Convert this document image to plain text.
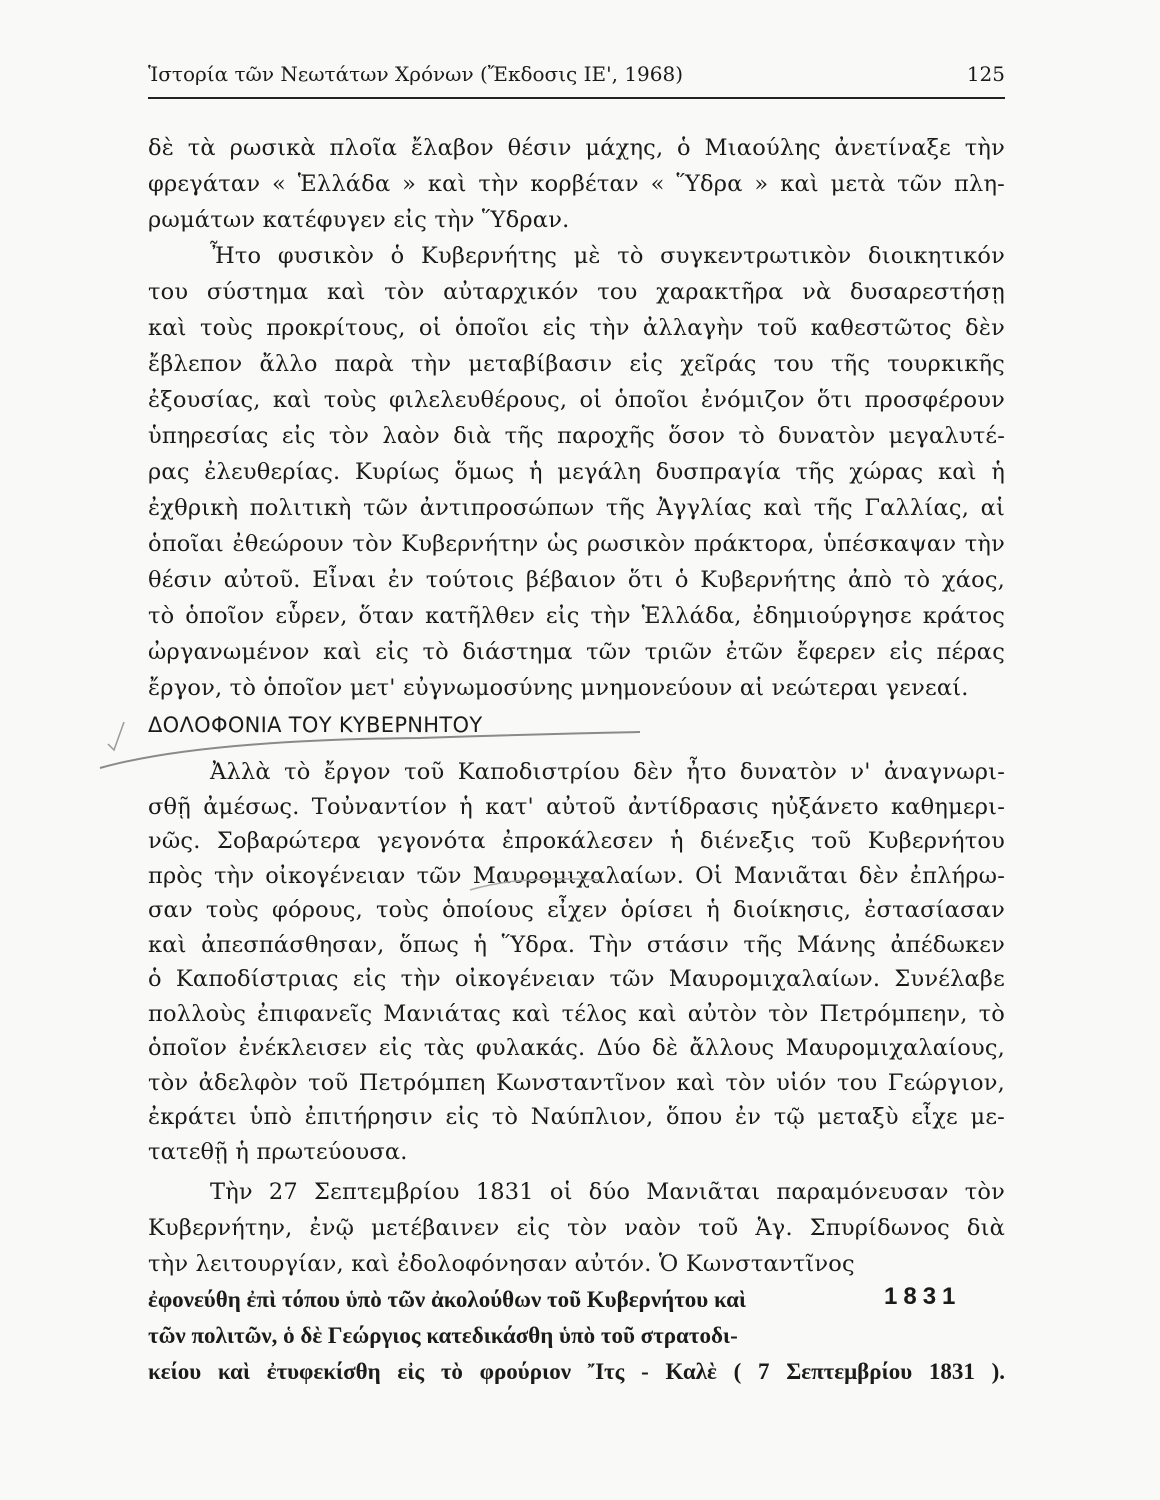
Ἱστορία τῶν Νεωτάτων Χρόνων (Ἔκδοσις ΙΕ', 1968)	125
δὲ τὰ ρωσικὰ πλοῖα ἔλαβον θέσιν μάχης, ὁ Μιαούλης ἀνετίναξε τὴν
φρεγάταν « Ἑλλάδα » καὶ τὴν κορβέταν « Ὕδρα » καὶ μετὰ τῶν πλη-
ρωμάτων κατέφυγεν εἰς τὴν Ὕδραν.
Ἦτο φυσικὸν ὁ Κυβερνήτης μὲ τὸ συγκεντρωτικὸν διοικητικόν
του σύστημα καὶ τὸν αὐταρχικόν του χαρακτῆρα νὰ δυσαρεστήσῃ
καὶ τοὺς προκρίτους, οἱ ὁποῖοι εἰς τὴν ἀλλαγὴν τοῦ καθεστῶτος δὲν
ἔβλεπον ἄλλο παρὰ τὴν μεταβίβασιν εἰς χεῖράς του τῆς τουρκικῆς
ἐξουσίας, καὶ τοὺς φιλελευθέρους, οἱ ὁποῖοι ἐνόμιζον ὅτι προσφέρουν
ὑπηρεσίας εἰς τὸν λαὸν διὰ τῆς παροχῆς ὅσον τὸ δυνατὸν μεγαλυτέ-
ρας ἐλευθερίας. Κυρίως ὅμως ἡ μεγάλη δυσπραγία τῆς χώρας καὶ ἡ
ἐχθρικὴ πολιτικὴ τῶν ἀντιπροσώπων τῆς Ἀγγλίας καὶ τῆς Γαλλίας, αἱ
ὁποῖαι ἐθεώρουν τὸν Κυβερνήτην ὡς ρωσικὸν πράκτορα, ὑπέσκαψαν τὴν
θέσιν αὐτοῦ. Εἶναι ἐν τούτοις βέβαιον ὅτι ὁ Κυβερνήτης ἀπὸ τὸ χάος,
τὸ ὁποῖον εὗρεν, ὅταν κατῆλθεν εἰς τὴν Ἑλλάδα, ἐδημιούργησε κράτος
ὠργανωμένον καὶ εἰς τὸ διάστημα τῶν τριῶν ἐτῶν ἔφερεν εἰς πέρας
ἔργον, τὸ ὁποῖον μετ' εὐγνωμοσύνης μνημονεύουν αἱ νεώτεραι γενεαί.
ΔΟΛΟΦΟΝΙΑ ΤΟΥ ΚΥΒΕΡΝΗΤΟΥ
Ἀλλὰ τὸ ἔργον τοῦ Καποδιστρίου δὲν ἦτο δυνατὸν ν' ἀναγνωρι-
σθῇ ἀμέσως. Τοὐναντίον ἡ κατ' αὐτοῦ ἀντίδρασις ηὐξάνετο καθημερι-
νῶς. Σοβαρώτερα γεγονότα ἐπροκάλεσεν ἡ διένεξις τοῦ Κυβερνήτου
πρὸς τὴν οἰκογένειαν τῶν Μαυρομιχαλαίων. Οἱ Μανιᾶται δὲν ἐπλήρω-
σαν τοὺς φόρους, τοὺς ὁποίους εἶχεν ὁρίσει ἡ διοίκησις, ἐστασίασαν
καὶ ἀπεσπάσθησαν, ὅπως ἡ Ὕδρα. Τὴν στάσιν τῆς Μάνης ἀπέδωκεν
ὁ Καποδίστριας εἰς τὴν οἰκογένειαν τῶν Μαυρομιχαλαίων. Συνέλαβε
πολλοὺς ἐπιφανεῖς Μανιάτας καὶ τέλος καὶ αὐτὸν τὸν Πετρόμπεην, τὸ
ὁποῖον ἐνέκλεισεν εἰς τὰς φυλακάς. Δύο δὲ ἄλλους Μαυρομιχαλαίους,
τὸν ἀδελφὸν τοῦ Πετρόμπεη Κωνσταντῖνον καὶ τὸν υἱόν του Γεώργιον,
ἐκράτει ὑπὸ ἐπιτήρησιν εἰς τὸ Ναύπλιον, ὅπου ἐν τῷ μεταξὺ εἶχε με-
τατεθῇ ἡ πρωτεύουσα.
Τὴν 27 Σεπτεμβρίου 1831 οἱ δύο Μανιᾶται παραμόνευσαν τὸν
Κυβερνήτην, ἐνῷ μετέβαινεν εἰς τὸν ναὸν τοῦ Ἁγ. Σπυρίδωνος διὰ
τὴν λειτουργίαν, καὶ ἐδολοφόνησαν αὐτόν. Ὁ Κωνσταντῖνος
ἐφονεύθη ἐπὶ τόπου ὑπὸ τῶν ἀκολούθων τοῦ Κυβερνήτου καὶ
τῶν πολιτῶν, ὁ δὲ Γεώργιος κατεδικάσθη ὑπὸ τοῦ στρατοδι-
κείου καὶ ἐτυφεκίσθη εἰς τὸ φρούριον Ἴτς - Καλὲ ( 7 Σεπτεμβρίου 1831 ).
1831
